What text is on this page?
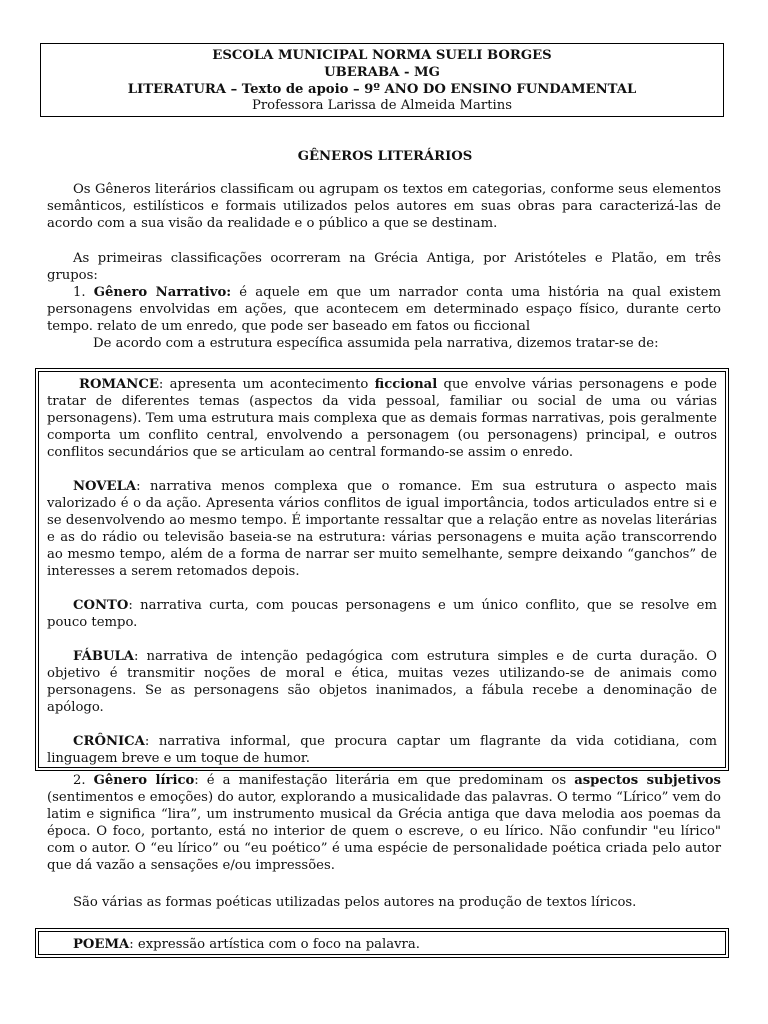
ESCOLA MUNICIPAL NORMA SUELI BORGES
UBERABA - MG
LITERATURA – Texto de apoio – 9º ANO DO ENSINO FUNDAMENTAL
Professora Larissa de Almeida Martins
GÊNEROS LITERÁRIOS

Os Gêneros literários classificam ou agrupam os textos em categorias, conforme seus elementos semânticos, estilísticos e formais utilizados pelos autores em suas obras para caracterizá-las de acordo com a sua visão da realidade e o público a que se destinam.

As primeiras classificações ocorreram na Grécia Antiga, por Aristóteles e Platão, em três grupos:

1. Gênero Narrativo: é aquele em que um narrador conta uma história na qual existem personagens envolvidas em ações, que acontecem em determinado espaço físico, durante certo tempo. relato de um enredo, que pode ser baseado em fatos ou ficcional

De acordo com a estrutura específica assumida pela narrativa, dizemos tratar-se de:

ROMANCE: apresenta um acontecimento ficcional que envolve várias personagens e pode tratar de diferentes temas (aspectos da vida pessoal, familiar ou social de uma ou várias personagens). Tem uma estrutura mais complexa que as demais formas narrativas, pois geralmente comporta um conflito central, envolvendo a personagem (ou personagens) principal, e outros conflitos secundários que se articulam ao central formando-se assim o enredo.

NOVELA: narrativa menos complexa que o romance. Em sua estrutura o aspecto mais valorizado é o da ação. Apresenta vários conflitos de igual importância, todos articulados entre si e se desenvolvendo ao mesmo tempo. É importante ressaltar que a relação entre as novelas literárias e as do rádio ou televisão baseia-se na estrutura: várias personagens e muita ação transcorrendo ao mesmo tempo, além de a forma de narrar ser muito semelhante, sempre deixando “ganchos” de interesses a serem retomados depois.

CONTO: narrativa curta, com poucas personagens e um único conflito, que se resolve em pouco tempo.

FÁBULA: narrativa de intenção pedagógica com estrutura simples e de curta duração. O objetivo é transmitir noções de moral e ética, muitas vezes utilizando-se de animais como personagens. Se as personagens são objetos inanimados, a fábula recebe a denominação de apólogo.

CRÔNICA: narrativa informal, que procura captar um flagrante da vida cotidiana, com linguagem breve e um toque de humor.

2. Gênero lírico: é a manifestação literária em que predominam os aspectos subjetivos (sentimentos e emoções) do autor, explorando a musicalidade das palavras. O termo “Lírico” vem do latim e significa “lira”, um instrumento musical da Grécia antiga que dava melodia aos poemas da época. O foco, portanto, está no interior de quem o escreve, o eu lírico. Não confundir "eu lírico" com o autor. O “eu lírico” ou “eu poético” é uma espécie de personalidade poética criada pelo autor que dá vazão a sensações e/ou impressões.

São várias as formas poéticas utilizadas pelos autores na produção de textos líricos.

POEMA: expressão artística com o foco na palavra.
